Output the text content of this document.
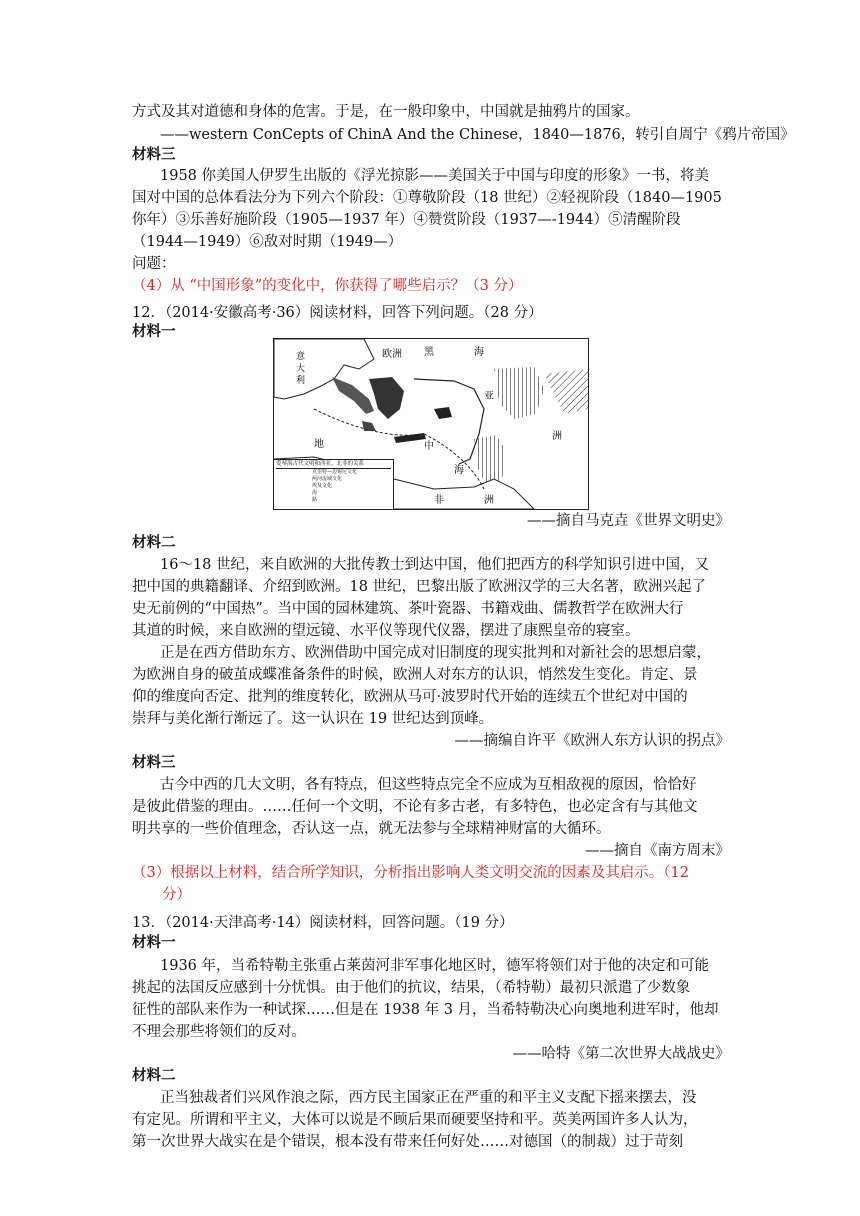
方式及其对道德和身体的危害。于是，在一般印象中，中国就是抽鸦片的国家。
——western ConCepts of ChinA And the Chinese，1840—1876，转引自周宁《鸦片帝国》
材料三
1958 你美国人伊罗生出版的《浮光掠影——美国关于中国与印度的形象》一书，将美
国对中国的总体看法分为下列六个阶段：①尊敬阶段（18 世纪）②轻视阶段（1840—1905
你年）③乐善好施阶段（1905—1937 年）④赞赏阶段（1937—-1944）⑤清醒阶段
（1944—1949）⑥敌对时期（1949—）
问题：
（4）从 “中国形象”的变化中，你获得了哪些启示？（3 分）
12．（2014·安徽高考·36）阅读材料，回答下列问题。（28 分）
材料一
黑	海
欧洲
意
大
利
地	中
海
亚
洲
非	洲
爱琴海古代文明和西亚、北非的关系
克里特—迈锡尼文化
两河流域文化
埃及文化
海
路
——摘自马克垚《世界文明史》
材料二
16～18 世纪，来自欧洲的大批传教士到达中国，他们把西方的科学知识引进中国，又
把中国的典籍翻译、介绍到欧洲。18 世纪，巴黎出版了欧洲汉学的三大名著，欧洲兴起了
史无前例的“中国热”。当中国的园林建筑、茶叶瓷器、书籍戏曲、儒教哲学在欧洲大行
其道的时候，来自欧洲的望远镜、水平仪等现代仪器，摆进了康熙皇帝的寝室。
正是在西方借助东方、欧洲借助中国完成对旧制度的现实批判和对新社会的思想启蒙，
为欧洲自身的破茧成蝶准备条件的时候，欧洲人对东方的认识，悄然发生变化。肯定、景
仰的维度向否定、批判的维度转化，欧洲从马可·波罗时代开始的连续五个世纪对中国的
崇拜与美化渐行渐远了。这一认识在 19 世纪达到顶峰。
——摘编自许平《欧洲人东方认识的拐点》
材料三
古今中西的几大文明，各有特点，但这些特点完全不应成为互相敌视的原因，恰恰好
是彼此借鉴的理由。……任何一个文明，不论有多古老，有多特色，也必定含有与其他文
明共享的一些价值理念，否认这一点，就无法参与全球精神财富的大循环。
——摘自《南方周末》
（3）根据以上材料，结合所学知识，分析指出影响人类文明交流的因素及其启示。（12
分）
13．（2014·天津高考·14）阅读材料，回答问题。（19 分）
材料一
1936 年，当希特勒主张重占莱茵河非军事化地区时，德军将领们对于他的决定和可能
挑起的法国反应感到十分忧惧。由于他们的抗议，结果，（希特勒）最初只派遣了少数象
征性的部队来作为一种试探……但是在 1938 年 3 月，当希特勒决心向奥地利进军时，他却
不理会那些将领们的反对。
——哈特《第二次世界大战战史》
材料二
正当独裁者们兴风作浪之际，西方民主国家正在严重的和平主义支配下摇来摆去，没
有定见。所谓和平主义，大体可以说是不顾后果而硬要坚持和平。英美两国许多人认为，
第一次世界大战实在是个错误，根本没有带来任何好处……对德国（的制裁）过于苛刻
